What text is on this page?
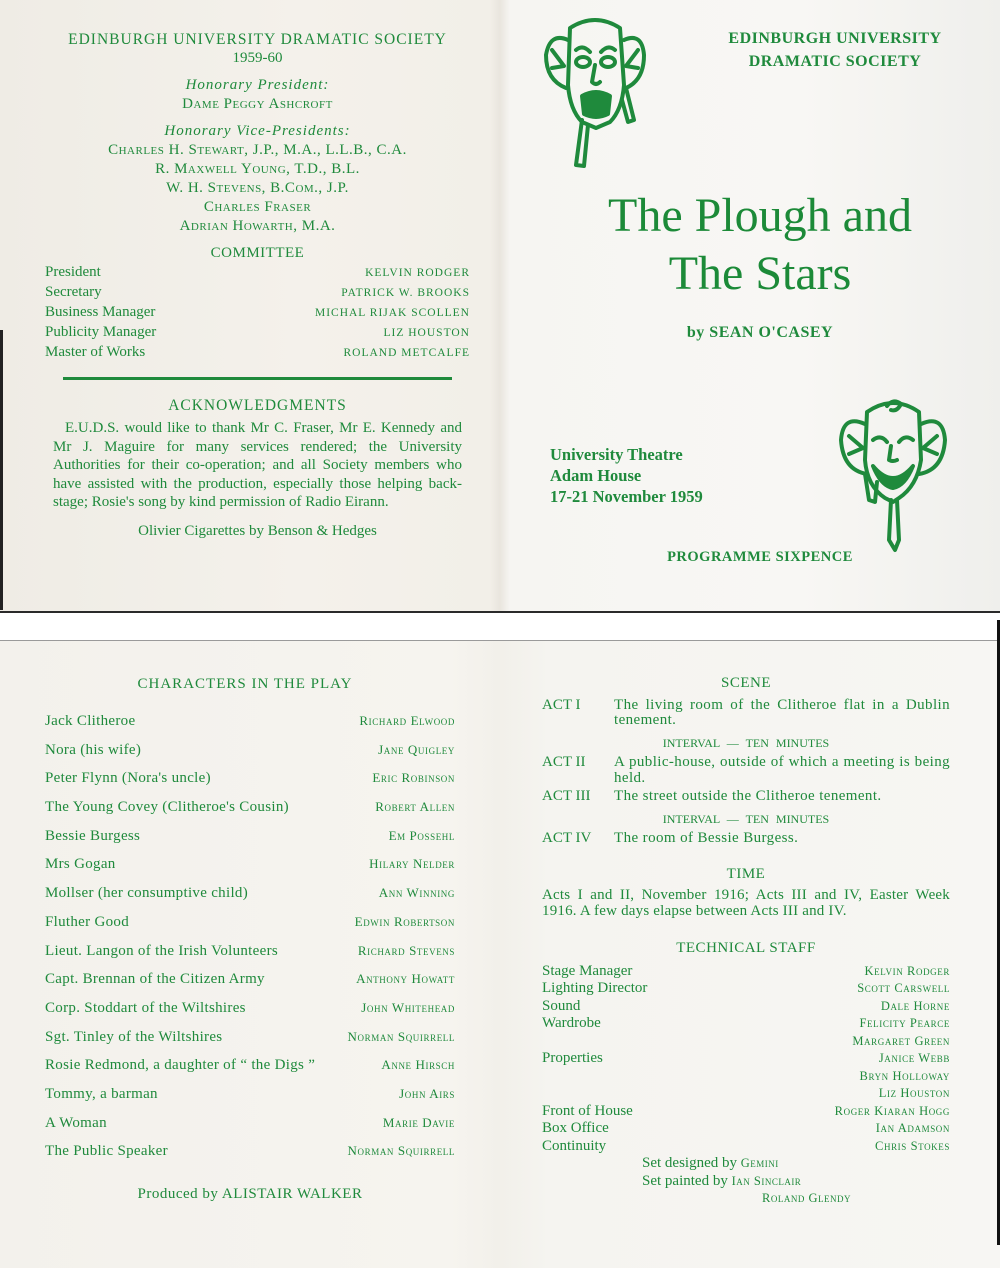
EDINBURGH UNIVERSITY DRAMATIC SOCIETY
1959-60
Honorary President:
Dame Peggy Ashcroft
Honorary Vice-Presidents:
Charles H. Stewart, J.P., M.A., L.L.B., C.A.
R. Maxwell Young, T.D., B.L.
W. H. Stevens, B.Com., J.P.
Charles Fraser
Adrian Howarth, M.A.
COMMITTEE
President	KELVIN RODGER
Secretary	PATRICK W. BROOKS
Business Manager	MICHAL RIJAK SCOLLEN
Publicity Manager	LIZ HOUSTON
Master of Works	ROLAND METCALFE
ACKNOWLEDGMENTS
E.U.D.S. would like to thank Mr C. Fraser, Mr E. Kennedy and Mr J. Maguire for many services rendered; the University Authorities for their co-operation; and all Society members who have assisted with the production, especially those helping back-stage; Rosie's song by kind permission of Radio Eirann.
Olivier Cigarettes by Benson & Hedges
EDINBURGH UNIVERSITY
DRAMATIC SOCIETY
The Plough and
The Stars
by SEAN O'CASEY
University Theatre
Adam House
17-21 November 1959
PROGRAMME SIXPENCE
CHARACTERS IN THE PLAY
Jack Clitheroe	Richard Elwood
Nora (his wife)	Jane Quigley
Peter Flynn (Nora's uncle)	Eric Robinson
The Young Covey (Clitheroe's Cousin)	Robert Allen
Bessie Burgess	Em Possehl
Mrs Gogan	Hilary Nelder
Mollser (her consumptive child)	Ann Winning
Fluther Good	Edwin Robertson
Lieut. Langon of the Irish Volunteers	Richard Stevens
Capt. Brennan of the Citizen Army	Anthony Howatt
Corp. Stoddart of the Wiltshires	John Whitehead
Sgt. Tinley of the Wiltshires	Norman Squirrell
Rosie Redmond, a daughter of “ the Digs ”	Anne Hirsch
Tommy, a barman	John Airs
A Woman	Marie Davie
The Public Speaker	Norman Squirrell
Produced by ALISTAIR WALKER
SCENE
ACT I	The living room of the Clitheroe flat in a Dublin tenement.
INTERVAL — TEN MINUTES
ACT II	A public-house, outside of which a meeting is being held.
ACT III	The street outside the Clitheroe tenement.
INTERVAL — TEN MINUTES
ACT IV	The room of Bessie Burgess.
TIME
Acts I and II, November 1916; Acts III and IV, Easter Week 1916. A few days elapse between Acts III and IV.
TECHNICAL STAFF
Stage Manager	Kelvin Rodger
Lighting Director	Scott Carswell
Sound	Dale Horne
Wardrobe	Felicity Pearce
Margaret Green
Properties	Janice Webb
Bryn Holloway
Liz Houston
Front of House	Roger Kiaran Hogg
Box Office	Ian Adamson
Continuity	Chris Stokes
Set designed by Gemini
Set painted by Ian Sinclair
Roland Glendy
